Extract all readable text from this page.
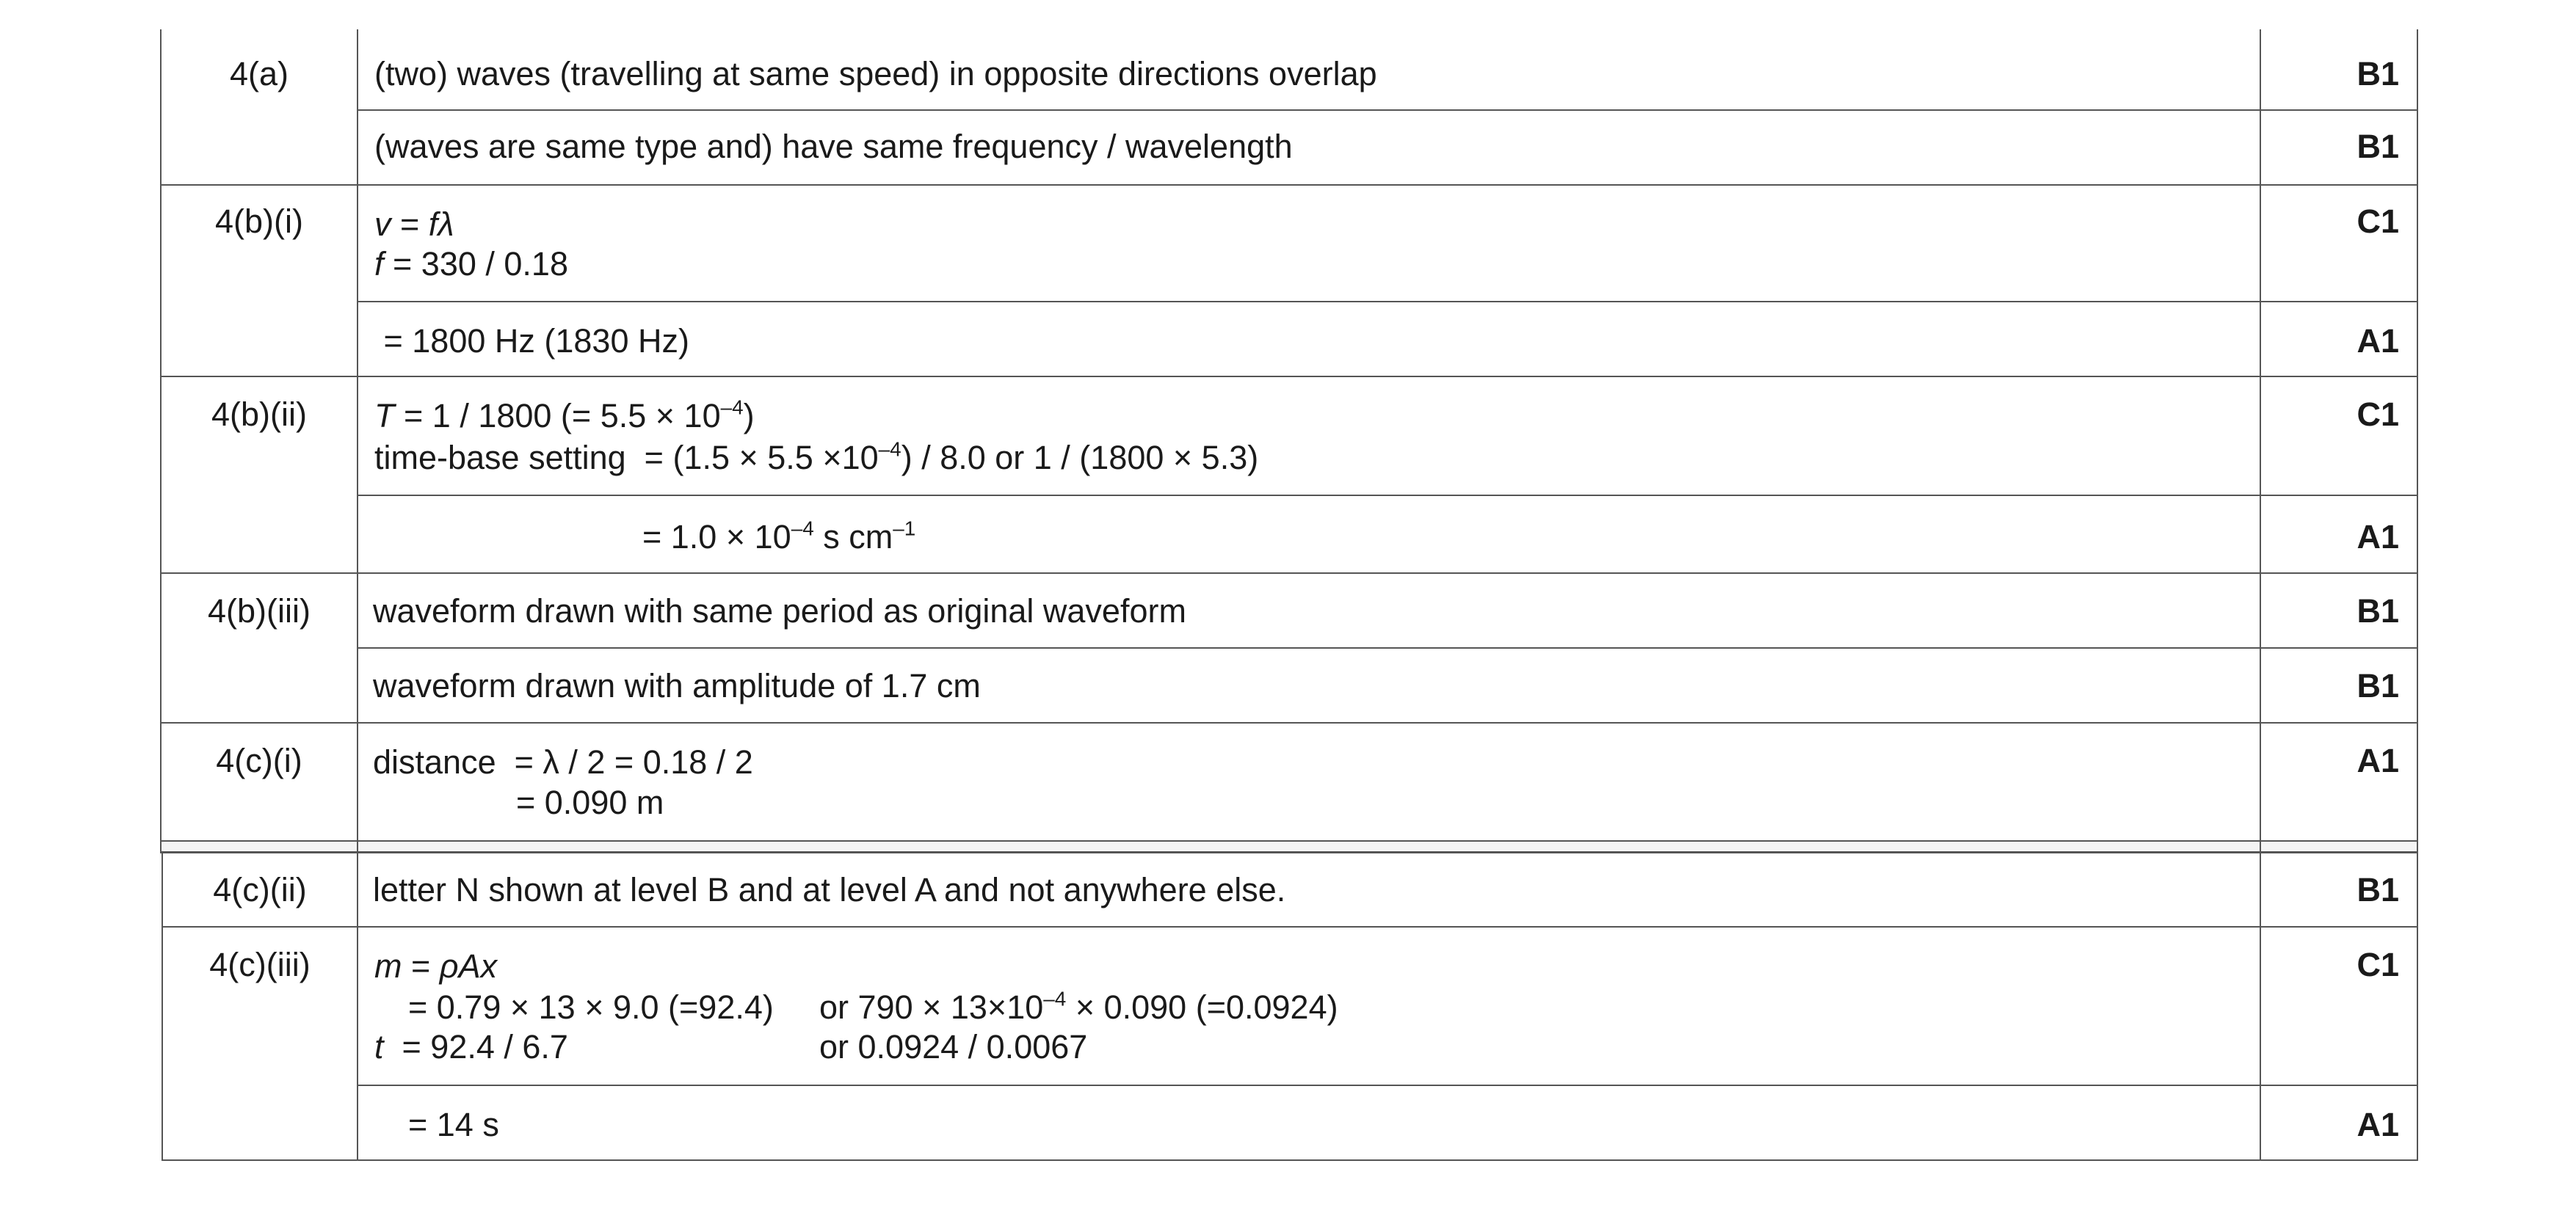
4(a)	(two) waves (travelling at same speed) in opposite directions overlap	B1

	(waves are same type and) have same frequency / wavelength	B1

4(b)(i)	v = fλ
f = 330 / 0.18	C1

	= 1800 Hz (1830 Hz)	A1

4(b)(ii)	T = 1 / 1800 (= $5.5 \times 10^{-4}$)
time-base setting  = $(1.5 \times 5.5 \times 10^{-4}) / 8.0$ or 1 / (1800 × 5.3)	C1

	= $1.0 \times 10^{-4}$ s $cm^{-1}$	A1

4(b)(iii)	waveform drawn with same period as original waveform	B1

	waveform drawn with amplitude of 1.7 cm	B1

4(c)(i)	distance  = λ / 2 = 0.18 / 2
= 0.090 m	A1

4(c)(ii)	letter N shown at level B and at level A and not anywhere else.	B1

4(c)(iii)	m = ρAx
= 0.79 × 13 × 9.0 (=92.4) or $790 \times 13\times 10^{-4} \times 0.090$ (=0.0924)
t  = 92.4 / 6.7 or 0.0924 / 0.0067	C1

	= 14 s	A1
